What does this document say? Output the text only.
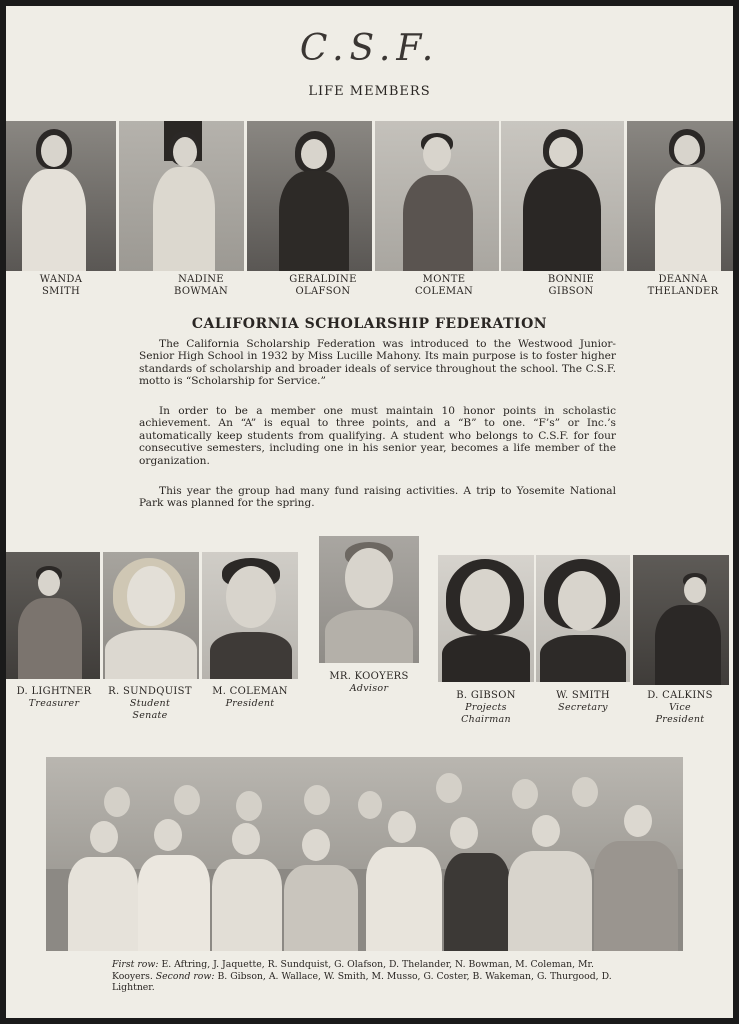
C.S.F.
LIFE MEMBERS
WANDA
SMITH
NADINE
BOWMAN
GERALDINE
OLAFSON
MONTE
COLEMAN
BONNIE
GIBSON
DEANNA
THELANDER
CALIFORNIA SCHOLARSHIP FEDERATION
The California Scholarship Federation was introduced to the Westwood Junior-Senior High School in 1932 by Miss Lucille Mahony. Its main purpose is to foster higher standards of scholarship and broader ideals of service throughout the school. The C.S.F. motto is “Scholarship for Service.”
In order to be a member one must maintain 10 honor points in scholastic achievement. An “A” is equal to three points, and a “B” to one. “F’s” or Inc.’s automatically keep students from qualifying. A student who belongs to C.S.F. for four consecutive semesters, including one in his senior year, becomes a life member of the organization.
This year the group had many fund raising activities. A trip to Yosemite National Park was planned for the spring.
D. LIGHTNER
Treasurer
R. SUNDQUIST
Student
Senate
M. COLEMAN
President
MR. KOOYERS
Advisor
B. GIBSON
Projects
Chairman
W. SMITH
Secretary
D. CALKINS
Vice
President
First row: E. Aftring, J. Jaquette, R. Sundquist, G. Olafson, D. Thelander, N. Bowman, M. Coleman, Mr. Kooyers. Second row: B. Gibson, A. Wallace, W. Smith, M. Musso, G. Coster, B. Wakeman, G. Thurgood, D. Lightner.
